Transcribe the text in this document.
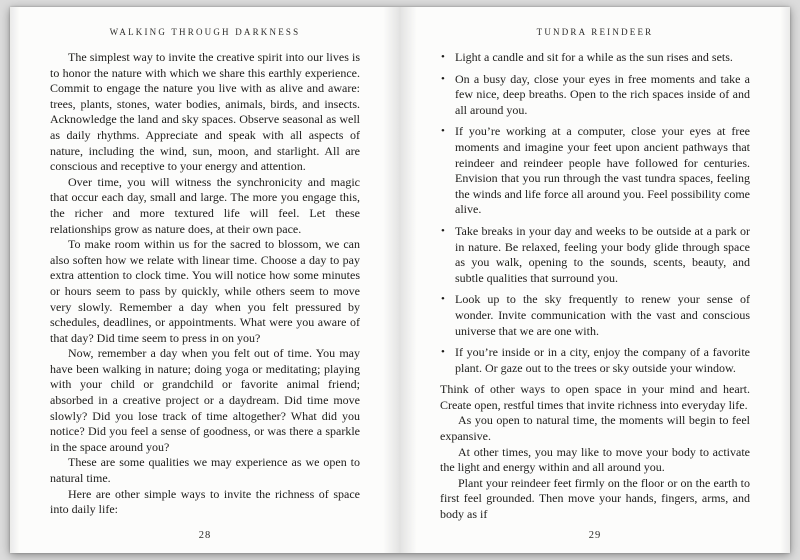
WALKING THROUGH DARKNESS

The simplest way to invite the creative spirit into our lives is to honor the nature with which we share this earthly experience. Commit to engage the nature you live with as alive and aware: trees, plants, stones, water bodies, animals, birds, and insects. Acknowledge the land and sky spaces. Observe seasonal as well as daily rhythms. Appreciate and speak with all aspects of nature, including the wind, sun, moon, and starlight. All are conscious and receptive to your energy and attention.

Over time, you will witness the synchronicity and magic that occur each day, small and large. The more you engage this, the richer and more textured life will feel. Let these relationships grow as nature does, at their own pace.

To make room within us for the sacred to blossom, we can also soften how we relate with linear time. Choose a day to pay extra attention to clock time. You will notice how some minutes or hours seem to pass by quickly, while others seem to move very slowly. Remember a day when you felt pressured by schedules, deadlines, or appointments. What were you aware of that day? Did time seem to press in on you?

Now, remember a day when you felt out of time. You may have been walking in nature; doing yoga or meditating; playing with your child or grandchild or favorite animal friend; absorbed in a creative project or a daydream. Did time move slowly? Did you lose track of time altogether? What did you notice? Did you feel a sense of goodness, or was there a sparkle in the space around you?

These are some qualities we may experience as we open to natural time.

Here are other simple ways to invite the richness of space into daily life:

28
TUNDRA REINDEER
• Light a candle and sit for a while as the sun rises and sets.
• On a busy day, close your eyes in free moments and take a few nice, deep breaths. Open to the rich spaces inside of and all around you.
• If you’re working at a computer, close your eyes at free moments and imagine your feet upon ancient pathways that reindeer and reindeer people have followed for centuries. Envision that you run through the vast tundra spaces, feeling the winds and life force all around you. Feel possibility come alive.
• Take breaks in your day and weeks to be outside at a park or in nature. Be relaxed, feeling your body glide through space as you walk, opening to the sounds, scents, beauty, and subtle qualities that surround you.
• Look up to the sky frequently to renew your sense of wonder. Invite communication with the vast and conscious universe that we are one with.
• If you’re inside or in a city, enjoy the company of a favorite plant. Or gaze out to the trees or sky outside your window.

Think of other ways to open space in your mind and heart. Create open, restful times that invite richness into everyday life.

As you open to natural time, the moments will begin to feel expansive.

At other times, you may like to move your body to activate the light and energy within and all around you.

Plant your reindeer feet firmly on the floor or on the earth to first feel grounded. Then move your hands, fingers, arms, and body as if

29
